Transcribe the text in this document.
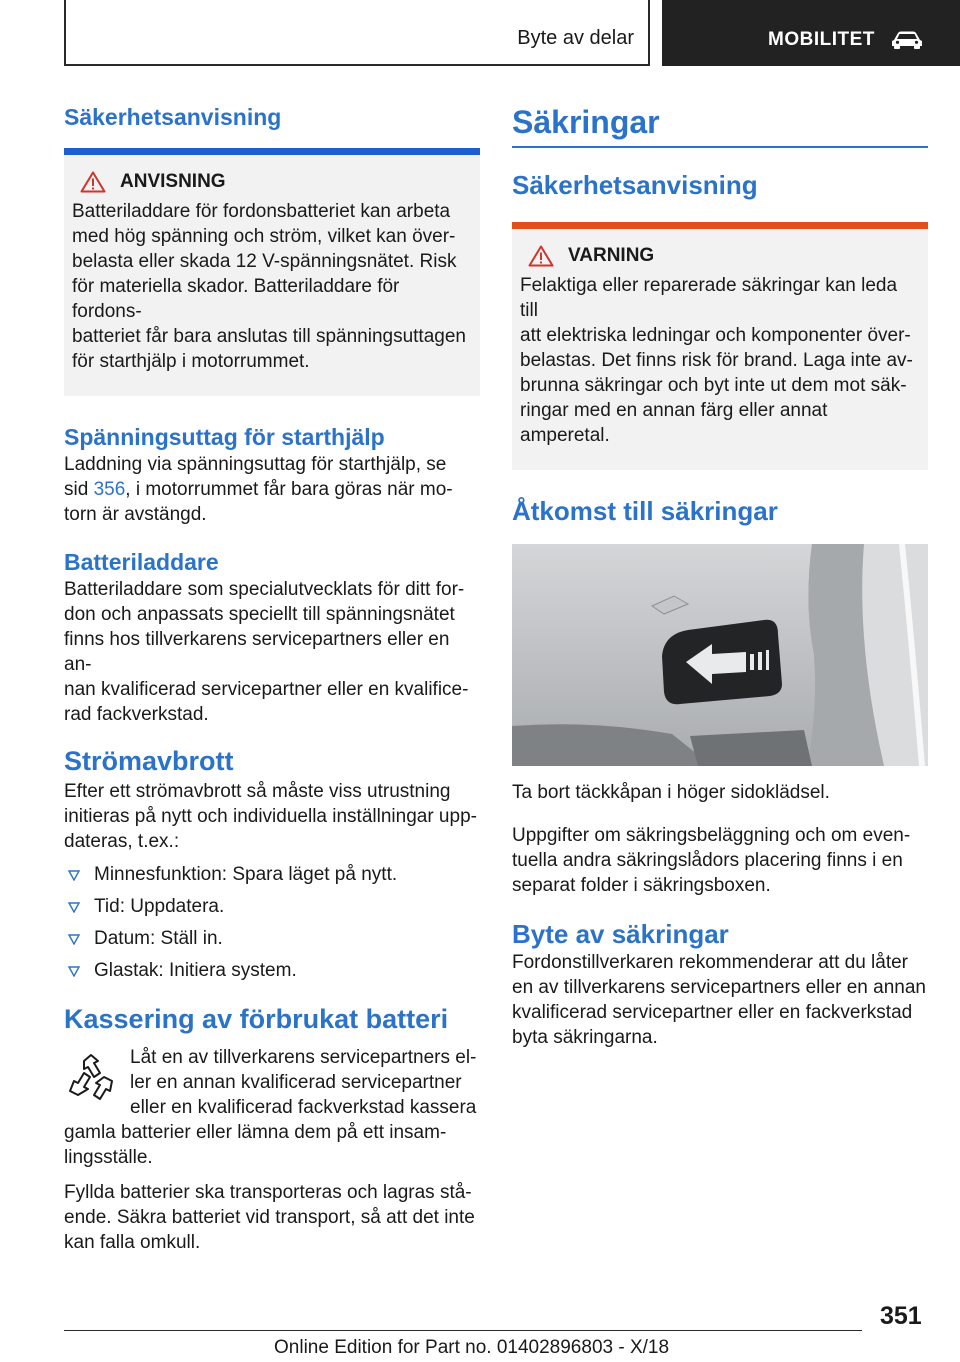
Byte av delar	MOBILITET
Säkerhetsanvisning
ANVISNING

Batteriladdare för fordonsbatteriet kan arbeta

med hög spänning och ström, vilket kan över-

belasta eller skada 12 V-spänningsnätet. Risk

för materiella skador. Batteriladdare för fordons-

batteriet får bara anslutas till spänningsuttagen

för starthjälp i motorrummet.

Spänningsuttag för starthjälp

Laddning via spänningsuttag för starthjälp, se

sid 356, i motorrummet får bara göras när mo-

torn är avstängd.

Batteriladdare

Batteriladdare som specialutvecklats för ditt for-

don och anpassats speciellt till spänningsnätet

finns hos tillverkarens servicepartners eller en an-

nan kvalificerad servicepartner eller en kvalifice-

rad fackverkstad.

Strömavbrott

Efter ett strömavbrott så måste viss utrustning

initieras på nytt och individuella inställningar upp-

dateras, t.ex.:

Minnesfunktion: Spara läget på nytt.
Tid: Uppdatera.
Datum: Ställ in.
Glastak: Initiera system.
Kassering av förbrukat batteri

Låt en av tillverkarens servicepartners el-

ler en annan kvalificerad servicepartner

eller en kvalificerad fackverkstad kassera

gamla batterier eller lämna dem på ett insam-

lingsställe.

Fyllda batterier ska transporteras och lagras stå-

ende. Säkra batteriet vid transport, så att det inte

kan falla omkull.

Säkringar
Säkerhetsanvisning
VARNING

Felaktiga eller reparerade säkringar kan leda till

att elektriska ledningar och komponenter över-

belastas. Det finns risk för brand. Laga inte av-

brunna säkringar och byt inte ut dem mot säk-

ringar med en annan färg eller annat amperetal.

Åtkomst till säkringar

Ta bort täckkåpan i höger sidoklädsel.

Uppgifter om säkringsbeläggning och om even-

tuella andra säkringslådors placering finns i en

separat folder i säkringsboxen.

Byte av säkringar

Fordonstillverkaren rekommenderar att du låter

en av tillverkarens servicepartners eller en annan

kvalificerad servicepartner eller en fackverkstad

byta säkringarna.

351
Online Edition for Part no. 01402896803 - X/18
